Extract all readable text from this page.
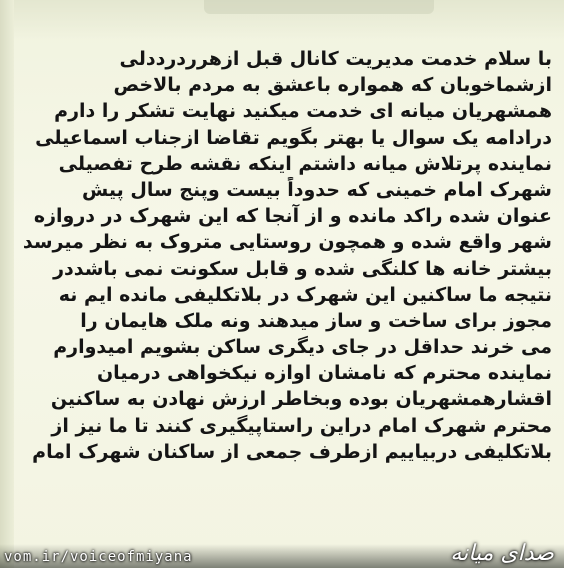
با سلام خدمت مدیریت کانال قبل ازهرردرددلی
ازشماخوبان که همواره باعشق به مردم بالاخص
همشهریان میانه ای خدمت میکنید نهایت تشکر را دارم
درادامه یک سوال یا بهتر بگویم تقاضا ازجناب اسماعیلی
نماینده پرتلاش میانه داشتم اینکه نقشه طرح تفصیلی
شهرک امام خمینی که حدوداً بیست وپنج سال پیش
عنوان شده راکد مانده و از آنجا که این شهرک در دروازه
شهر واقع شده و همچون روستایی متروک به نظر میرسد
بیشتر خانه ها کلنگی شده و قابل سکونت نمی باشددر
نتیجه ما ساکنین این شهرک در بلاتکلیفی مانده ایم نه
مجوز برای ساخت و ساز میدهند ونه ملک هایمان را
می خرند حداقل در جای دیگری ساکن بشویم امیدوارم
نماینده محترم که نامشان اوازه نیکخواهی درمیان
اقشارهمشهریان بوده وبخاطر ارزش نهادن به ساکنین
محترم شهرک امام دراین راستاپیگیری کنند تا ما نیز از
بلاتکلیفی دربیاییم ازطرف جمعی از ساکنان شهرک امام
vom.ir/voiceofmiyana	صدای میانه
